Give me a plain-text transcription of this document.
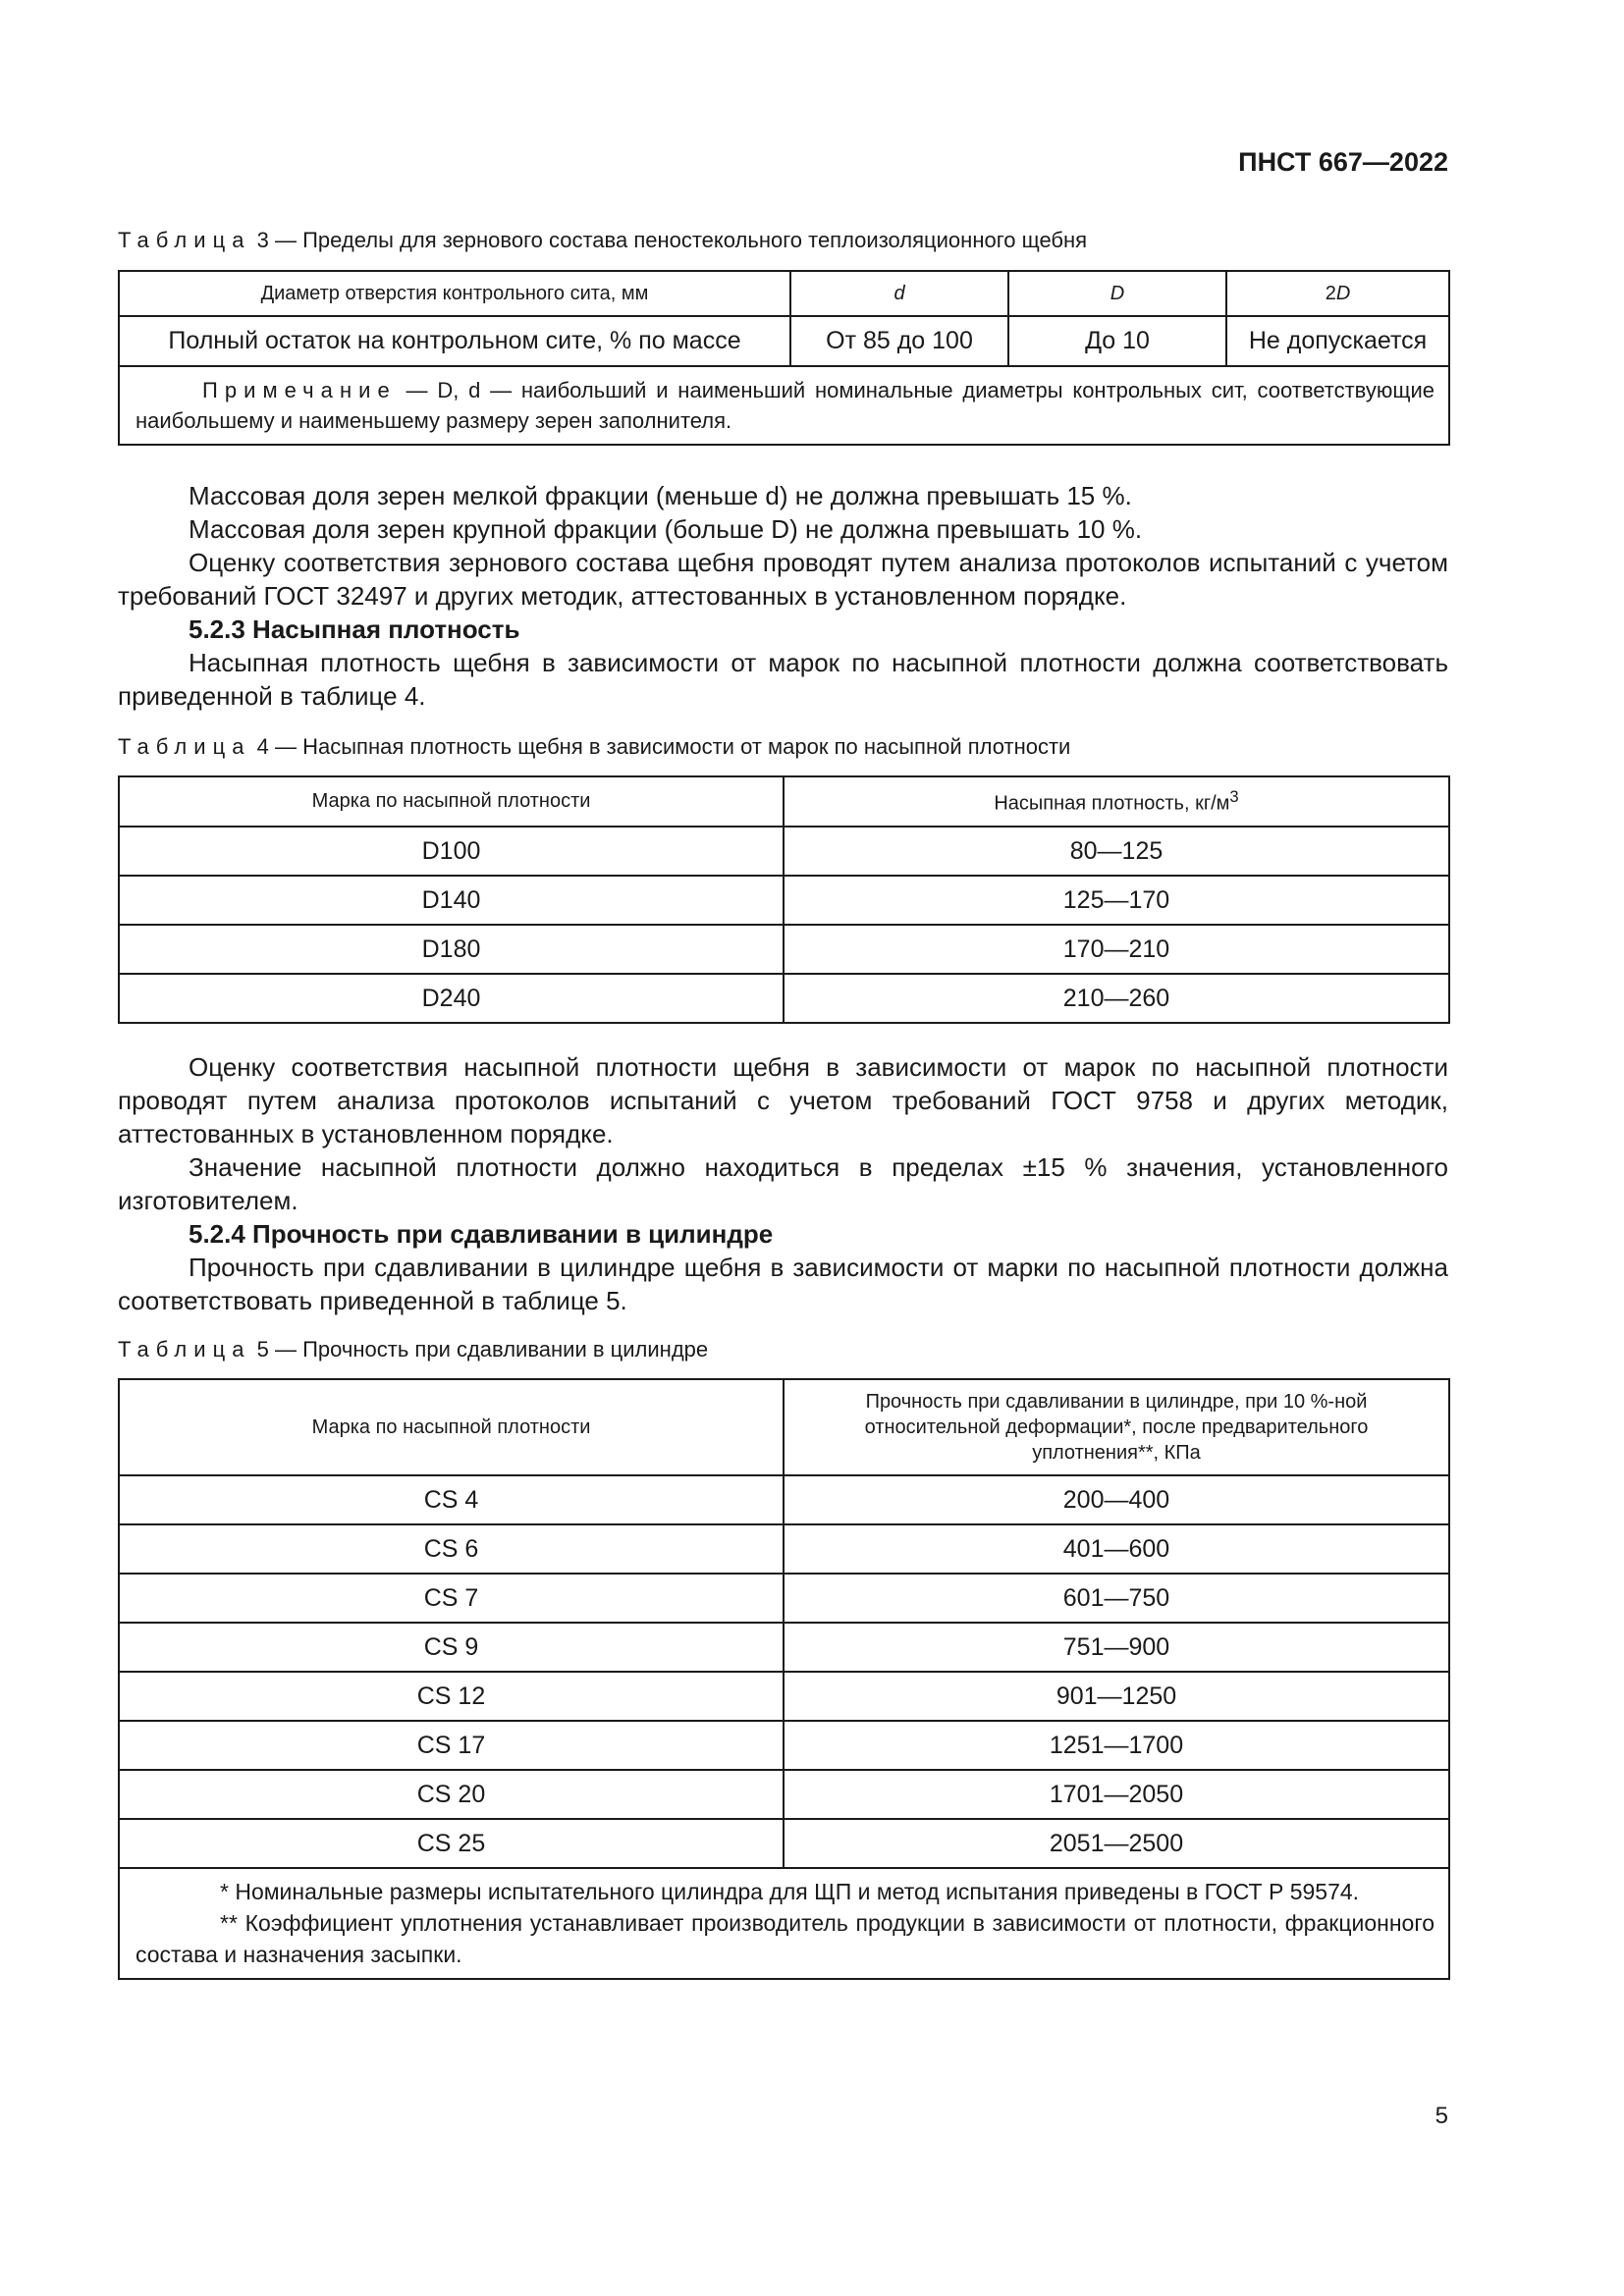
ПНСТ 667—2022
Таблица 3 — Пределы для зернового состава пеностекольного теплоизоляционного щебня
Диаметр отверстия контрольного сита, мм	d	D	2D
Полный остаток на контрольном сите, % по массе	От 85 до 100	До 10	Не допускается
Примечание — D, d — наибольший и наименьший номинальные диаметры контрольных сит, соответствующие наибольшему и наименьшему размеру зерен заполнителя.			

Массовая доля зерен мелкой фракции (меньше d) не должна превышать 15 %.

Массовая доля зерен крупной фракции (больше D) не должна превышать 10 %.

Оценку соответствия зернового состава щебня проводят путем анализа протоколов испытаний с учетом требований ГОСТ 32497 и других методик, аттестованных в установленном порядке.

5.2.3 Насыпная плотность

Насыпная плотность щебня в зависимости от марок по насыпной плотности должна соответствовать приведенной в таблице 4.

Таблица 4 — Насыпная плотность щебня в зависимости от марок по насыпной плотности
Марка по насыпной плотности	Насыпная плотность, $кг/м^3$
D100	80—125
D140	125—170
D180	170—210
D240	210—260

Оценку соответствия насыпной плотности щебня в зависимости от марок по насыпной плотности проводят путем анализа протоколов испытаний с учетом требований ГОСТ 9758 и других методик, аттестованных в установленном порядке.

Значение насыпной плотности должно находиться в пределах ±15 % значения, установленного изготовителем.

5.2.4 Прочность при сдавливании в цилиндре

Прочность при сдавливании в цилиндре щебня в зависимости от марки по насыпной плотности должна соответствовать приведенной в таблице 5.

Таблица 5 — Прочность при сдавливании в цилиндре
Марка по насыпной плотности	Прочность при сдавливании в цилиндре, при 10 %-ной относительной деформации*, после предварительного уплотнения**, КПа
CS 4	200—400
CS 6	401—600
CS 7	601—750
CS 9	751—900
CS 12	901—1250
CS 17	1251—1700
CS 20	1701—2050
CS 25	2051—2500

* Номинальные размеры испытательного цилиндра для ЩП и метод испытания приведены в ГОСТ Р 59574.
** Коэффициент уплотнения устанавливает производитель продукции в зависимости от плотности, фракционного состава и назначения засыпки.	
5
